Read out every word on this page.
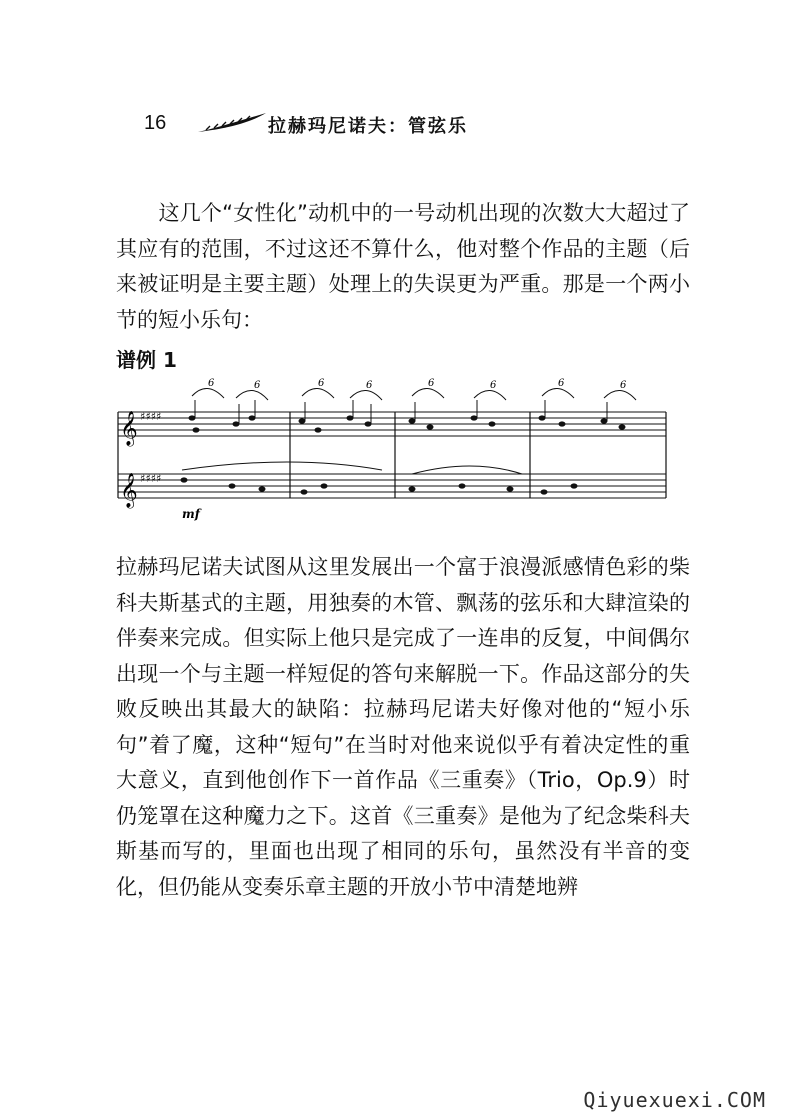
16	拉赫玛尼诺夫：管弦乐

　　这几个“女性化”动机中的一号动机出现的次数大大超过了其应有的范围，不过这还不算什么，他对整个作品的主题（后来被证明是主要主题）处理上的失误更为严重。那是一个两小节的短小乐句：

谱例 1

𝄞
𝄞
♯♯♯♯
♯♯♯♯
6	6	6	6	6	6	6	6
mf

拉赫玛尼诺夫试图从这里发展出一个富于浪漫派感情色彩的柴科夫斯基式的主题，用独奏的木管、飘荡的弦乐和大肆渲染的伴奏来完成。但实际上他只是完成了一连串的反复，中间偶尔出现一个与主题一样短促的答句来解脱一下。作品这部分的失败反映出其最大的缺陷：拉赫玛尼诺夫好像对他的“短小乐句”着了魔，这种“短句”在当时对他来说似乎有着决定性的重大意义，直到他创作下一首作品《三重奏》（Trio，Op.9）时仍笼罩在这种魔力之下。这首《三重奏》是他为了纪念柴科夫斯基而写的，里面也出现了相同的乐句，虽然没有半音的变化，但仍能从变奏乐章主题的开放小节中清楚地辨

Qiyuexuexi.COM
